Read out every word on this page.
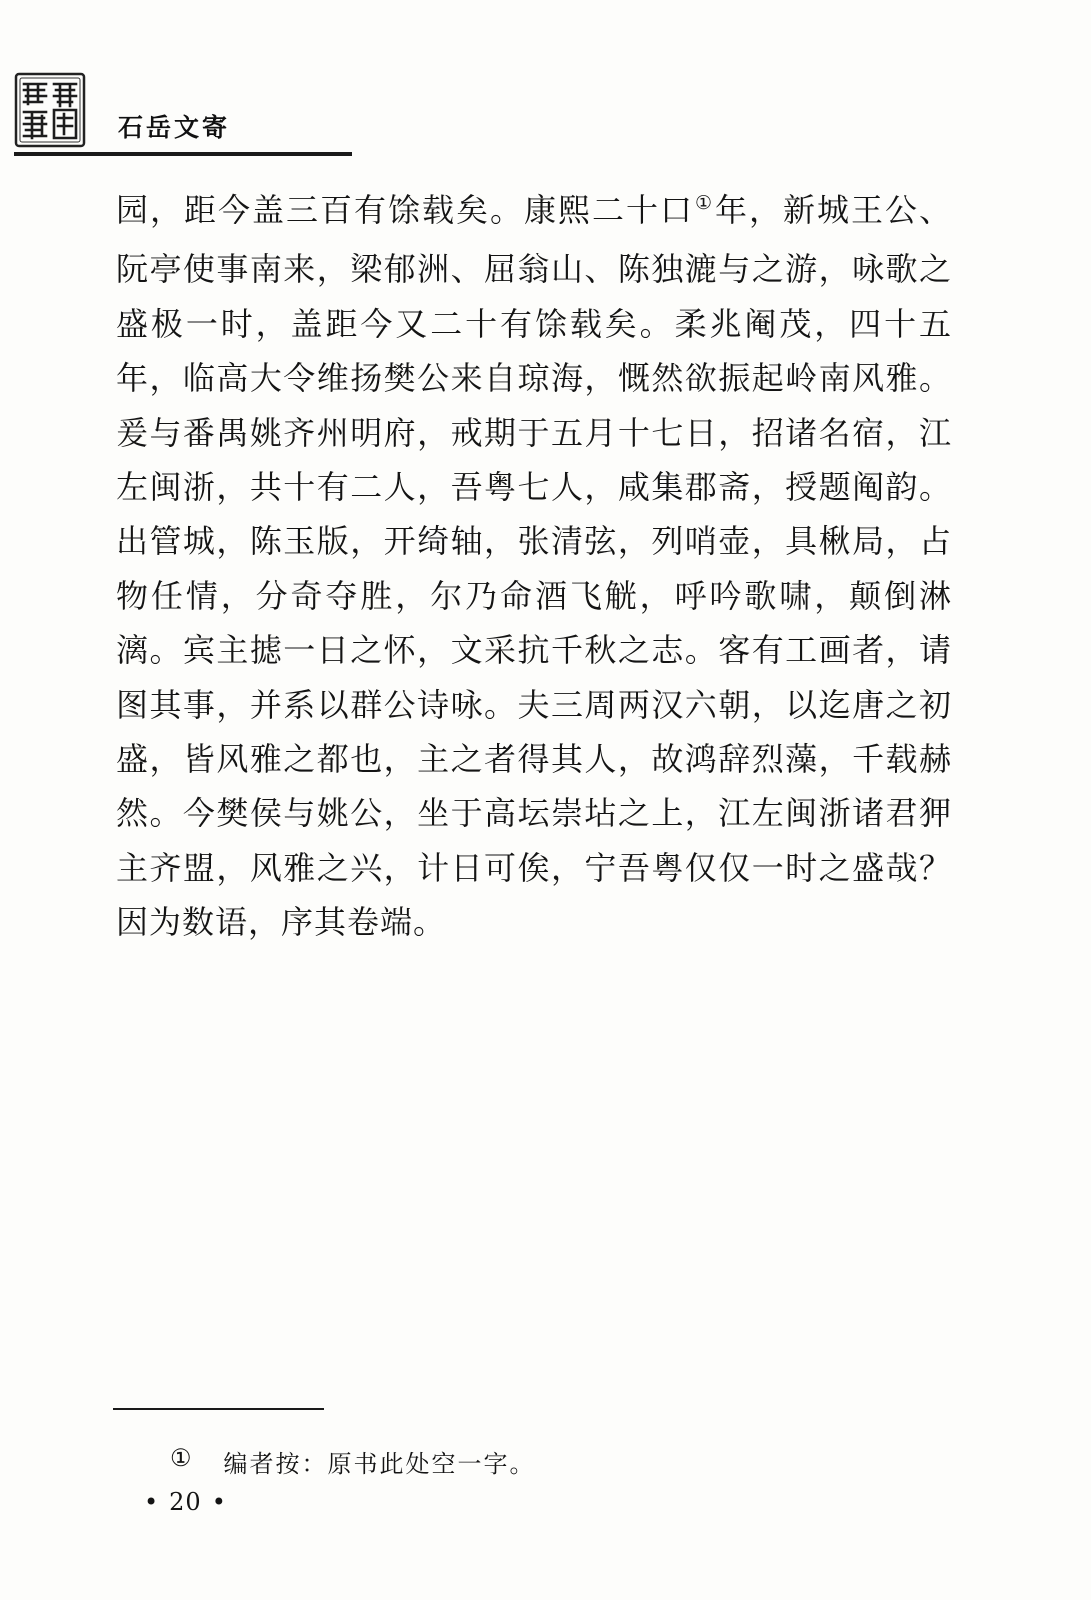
石岳文寄

园，距今盖三百有馀载矣。康熙二十口①年，新城王公、阮亭使事南来，梁郁洲、屈翁山、陈独漉与之游，咏歌之盛极一时，盖距今又二十有馀载矣。柔兆阉茂，四十五年，临高大令维扬樊公来自琼海，慨然欲振起岭南风雅。爰与番禺姚齐州明府，戒期于五月十七日，招诸名宿，江左闽浙，共十有二人，吾粤七人，咸集郡斋，授题阄韵。出管城，陈玉版，开绮轴，张清弦，列哨壶，具楸局，占物任情，分奇夺胜，尔乃命酒飞觥，呼吟歌啸，颠倒淋漓。宾主摅一日之怀，文采抗千秋之志。客有工画者，请图其事，并系以群公诗咏。夫三周两汉六朝，以迄唐之初盛，皆风雅之都也，主之者得其人，故鸿辞烈藻，千载赫然。今樊侯与姚公，坐于高坛崇坫之上，江左闽浙诸君狎主齐盟，风雅之兴，计日可俟，宁吾粤仅仅一时之盛哉？因为数语，序其卷端。

① 编者按：原书此处空一字。
• 20 •
